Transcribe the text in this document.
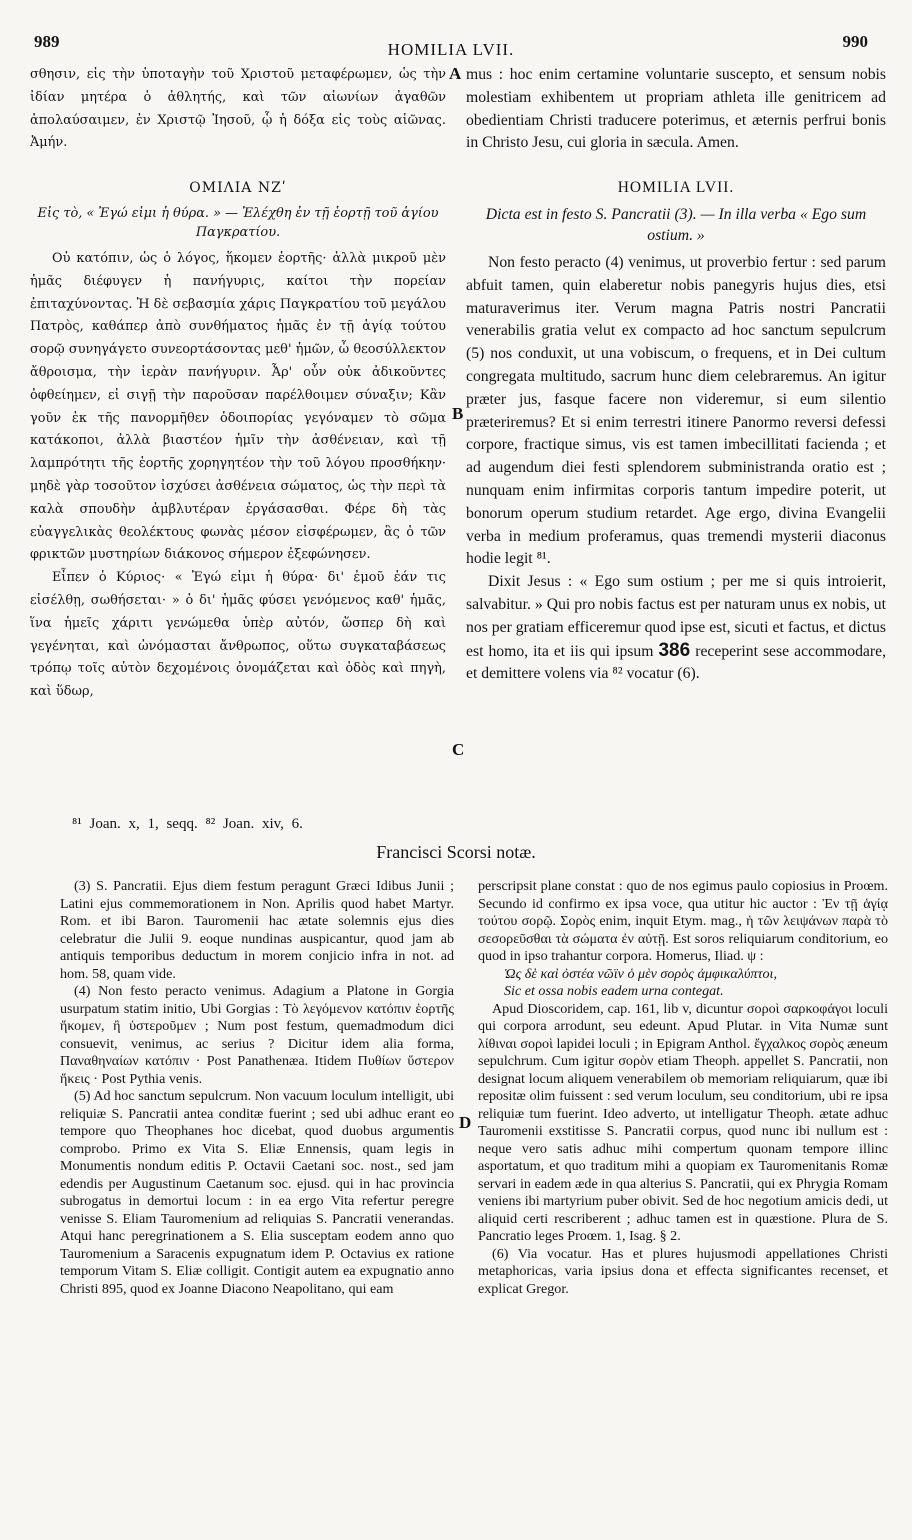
989	HOMILIA LVII.	990

σθησιν, εἰς τὴν ὑποταγὴν τοῦ Χριστοῦ μεταφέρωμεν, ὡς τὴν ἰδίαν μητέρα ὁ ἀθλητής, καὶ τῶν αἰωνίων ἀγαθῶν ἀπολαύσαιμεν, ἐν Χριστῷ Ἰησοῦ, ᾧ ἡ δόξα εἰς τοὺς αἰῶνας. Ἀμήν.

ΟΜΙΛΙΑ ΝΖʹ

Εἰς τὸ, « Ἐγώ εἰμι ἡ θύρα. » — Ἐλέχθη ἐν τῇ ἑορτῇ τοῦ ἁγίου Παγκρατίου.

Οὐ κατόπιν, ὡς ὁ λόγος, ἥκομεν ἑορτῆς· ἀλλὰ μικροῦ μὲν ἡμᾶς διέφυγεν ἡ πανήγυρις, καίτοι τὴν πορείαν ἐπιταχύνοντας. Ἡ δὲ σεβασμία χάρις Παγκρατίου τοῦ μεγάλου Πατρὸς, καθάπερ ἀπὸ συνθήματος ἡμᾶς ἐν τῇ ἁγίᾳ τούτου σορῷ συνηγάγετο συνεορτάσοντας μεθ' ἡμῶν, ὦ θεοσύλλεκτον ἄθροισμα, τὴν ἱερὰν πανήγυριν. Ἆρ' οὖν οὐκ ἀδικοῦντες ὀφθείημεν, εἰ σιγῇ τὴν παροῦσαν παρέλθοιμεν σύναξιν; Κἂν γοῦν ἐκ τῆς πανορμῆθεν ὁδοιπορίας γεγόναμεν τὸ σῶμα κατάκοποι, ἀλλὰ βιαστέον ἡμῖν τὴν ἀσθένειαν, καὶ τῇ λαμπρότητι τῆς ἑορτῆς χορηγητέον τὴν τοῦ λόγου προσθήκην· μηδὲ γὰρ τοσοῦτον ἰσχύσει ἀσθένεια σώματος, ὡς τὴν περὶ τὰ καλὰ σπουδὴν ἀμβλυτέραν ἐργάσασθαι. Φέρε δὴ τὰς εὐαγγελικὰς θεολέκτους φωνὰς μέσον εἰσφέρωμεν, ἃς ὁ τῶν φρικτῶν μυστηρίων διάκονος σήμερον ἐξεφώνησεν.

Εἶπεν ὁ Κύριος· « Ἐγώ εἰμι ἡ θύρα· δι' ἐμοῦ ἐάν τις εἰσέλθῃ, σωθήσεται· » ὁ δι' ἡμᾶς φύσει γενόμενος καθ' ἡμᾶς, ἵνα ἡμεῖς χάριτι γενώμεθα ὑπὲρ αὐτόν, ὥσπερ δὴ καὶ γεγένηται, καὶ ὠνόμασται ἄνθρωπος, οὕτω συγκαταβάσεως τρόπῳ τοῖς αὐτὸν δεχομένοις ὀνομάζεται καὶ ὁδὸς καὶ πηγὴ, καὶ ὕδωρ,

mus : hoc enim certamine voluntarie suscepto, et sensum nobis molestiam exhibentem ut propriam athleta ille genitricem ad obedientiam Christi traducere poterimus, et æternis perfrui bonis in Christo Jesu, cui gloria in sæcula. Amen.

HOMILIA LVII.

Dicta est in festo S. Pancratii (3). — In illa verba « Ego sum ostium. »

Non festo peracto (4) venimus, ut proverbio fertur : sed parum abfuit tamen, quin elaberetur nobis panegyris hujus dies, etsi maturaverimus iter. Verum magna Patris nostri Pancratii venerabilis gratia velut ex compacto ad hoc sanctum sepulcrum (5) nos conduxit, ut una vobiscum, o frequens, et in Dei cultum congregata multitudo, sacrum hunc diem celebraremus. An igitur præter jus, fasque facere non videremur, si eum silentio præteriremus? Et si enim terrestri itinere Panormo reversi defessi corpore, fractique simus, vis est tamen imbecillitati facienda ; et ad augendum diei festi splendorem subministranda oratio est ; nunquam enim infirmitas corporis tantum impedire poterit, ut bonorum operum studium retardet. Age ergo, divina Evangelii verba in medium proferamus, quas tremendi mysterii diaconus hodie legit ⁸¹.

Dixit Jesus : « Ego sum ostium ; per me si quis introierit, salvabitur. » Qui pro nobis factus est per naturam unus ex nobis, ut nos per gratiam efficeremur quod ipse est, sicuti et factus, et dictus est homo, ita et iis qui ipsum 386 receperint sese accommodare, et demittere volens via ⁸² vocatur (6).

A
B
C
D
⁸¹ Joan. x, 1, seqq. ⁸² Joan. xiv, 6.
Francisci Scorsi notæ.

(3) S. Pancratii. Ejus diem festum peragunt Græci Idibus Junii ; Latini ejus commemorationem in Non. Aprilis quod habet Martyr. Rom. et ibi Baron. Tauromenii hac ætate solemnis ejus dies celebratur die Julii 9. eoque nundinas auspicantur, quod jam ab antiquis temporibus deductum in morem conjicio infra in not. ad hom. 58, quam vide.

(4) Non festo peracto venimus. Adagium a Platone in Gorgia usurpatum statim initio, Ubi Gorgias : Τὸ λεγόμενον κατόπιν ἑορτῆς ἥκομεν, ἢ ὑστεροῦμεν ; Num post festum, quemadmodum dici consuevit, venimus, ac serius ? Dicitur idem alia forma, Παναθηναίων κατόπιν · Post Panathenæa. Itidem Πυθίων ὕστερον ἥκεις · Post Pythia venis.

(5) Ad hoc sanctum sepulcrum. Non vacuum loculum intelligit, ubi reliquiæ S. Pancratii antea conditæ fuerint ; sed ubi adhuc erant eo tempore quo Theophanes hoc dicebat, quod duobus argumentis comprobo. Primo ex Vita S. Eliæ Ennensis, quam legis in Monumentis nondum editis P. Octavii Caetani soc. nost., sed jam edendis per Augustinum Caetanum soc. ejusd. qui in hac provincia subrogatus in demortui locum : in ea ergo Vita refertur peregre venisse S. Eliam Tauromenium ad reliquias S. Pancratii venerandas. Atqui hanc peregrinationem a S. Elia susceptam eodem anno quo Tauromenium a Saracenis expugnatum idem P. Octavius ex ratione temporum Vitam S. Eliæ colligit. Contigit autem ea expugnatio anno Christi 895, quod ex Joanne Diacono Neapolitano, qui eam

perscripsit plane constat : quo de nos egimus paulo copiosius in Proœm. Secundo id confirmo ex ipsa voce, qua utitur hic auctor : Ἐν τῇ ἁγίᾳ τούτου σορῷ. Σορὸς enim, inquit Etym. mag., ἡ τῶν λειψάνων παρὰ τὸ σεσορεῦσθαι τὰ σώματα ἐν αὐτῇ. Est soros reliquiarum conditorium, eo quod in ipso trahantur corpora. Homerus, Iliad. ψ :

Ὡς δὲ καὶ ὀστέα νῶϊν ὁ μὲν σορὸς ἀμφικαλύπτοι,

Sic et ossa nobis eadem urna contegat.

Apud Dioscoridem, cap. 161, lib v, dicuntur σοροὶ σαρκοφάγοι loculi qui corpora arrodunt, seu edeunt. Apud Plutar. in Vita Numæ sunt λίθιναι σοροὶ lapidei loculi ; in Epigram Anthol. ἔγχαλκος σορὸς æneum sepulchrum. Cum igitur σορὸν etiam Theoph. appellet S. Pancratii, non designat locum aliquem venerabilem ob memoriam reliquiarum, quæ ibi repositæ olim fuissent : sed verum loculum, seu conditorium, ubi re ipsa reliquiæ tum fuerint. Ideo adverto, ut intelligatur Theoph. ætate adhuc Tauromenii exstitisse S. Pancratii corpus, quod nunc ibi nullum est : neque vero satis adhuc mihi compertum quonam tempore illinc asportatum, et quo traditum mihi a quopiam ex Tauromenitanis Romæ servari in eadem æde in qua alterius S. Pancratii, qui ex Phrygia Romam veniens ibi martyrium puber obivit. Sed de hoc negotium amicis dedi, ut aliquid certi rescriberent ; adhuc tamen est in quæstione. Plura de S. Pancratio leges Proœm. 1, Isag. § 2.

(6) Via vocatur. Has et plures hujusmodi appellationes Christi metaphoricas, varia ipsius dona et effecta significantes recenset, et explicat Gregor.
